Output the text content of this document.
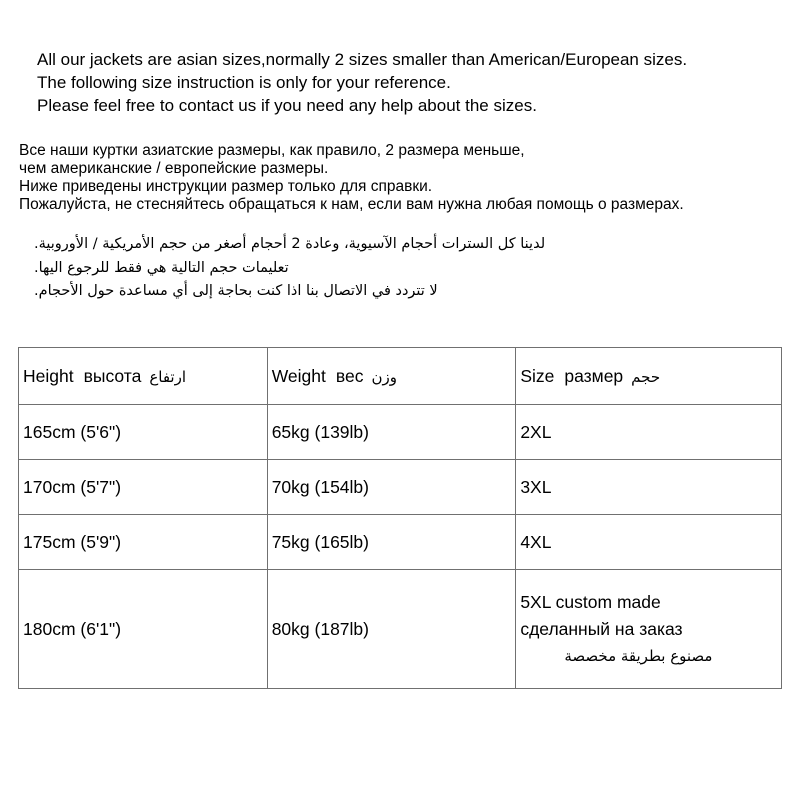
All our jackets are asian sizes,normally 2 sizes smaller than American/European sizes.
The following size instruction is only for your reference.
Please feel free to contact us if you need any help about the sizes.
Все наши куртки азиатские размеры, как правило, 2 размера меньше,
чем американские / европейские размеры.
Ниже приведены инструкции размер только для справки.
Пожалуйста, не стесняйтесь обращаться к нам, если вам нужна любая помощь о размерах.
لدينا كل السترات أحجام الآسيوية، وعادة 2 أحجام أصغر من حجم الأمريكية / الأوروبية.
تعليمات حجم التالية هي فقط للرجوع اليها.
لا تتردد في الاتصال بنا اذا كنت بحاجة إلى أي مساعدة حول الأحجام.
Height высота ارتفاع	Weight вес وزن	Size размер حجم
165cm (5'6")	65kg (139lb)	2XL
170cm (5'7")	70kg (154lb)	3XL
175cm (5'9")	75kg (165lb)	4XL
180cm (6'1")	80kg (187lb)	5XL custom made
сделанный на заказ
مصنوع بطريقة مخصصة
